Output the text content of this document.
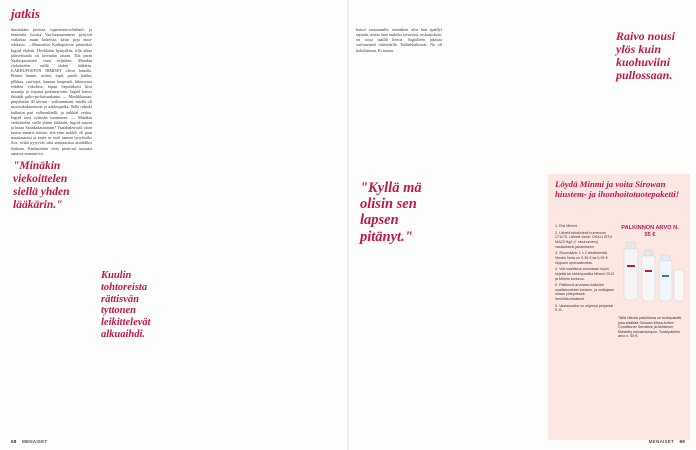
jatkis
tiimisikäm perässä, tupertemis-rohdiatel, ja fennentin luotsia Vaa-luopuseameet pyttyvät vaikuttaa maan lutkeisia, käsin pyja nutu-rohkassi. —Maaraisiin Karhupotoon pääsitikoi Ingrid ehdotti. Hyökkään hymyillen, tillä aikaa jäässelssaala oli lavetatiin ottaan. Tila paras Vaaluopuusiaiet vaati veljetäen. Minäkin viekoittelen siellä yhden lääkärin. KARHUPOSTON IHMISET olivat lomalla. Pientet hanset, sorttei, topit, pisidi, hahha, pilkkaa, ruu-topa, kaunaa kaapeadi, hikoisenut reddien viikoliise, lopun Seprotikotti kivä maanija ja ssijanat podanen-vain. Ingrid katsoi ihtitäiåt palto-pa-kutsuukuma. — Maalikkaasaa, pinjuhutiin 40 kerran - seilisammani, miellä oli mytosakakasatoriat ja aakkospalka. Sellä ruhtaki kulkutin pari valhauskäelli, ja taikkiat verbat. Ingrid tarvi tytässän tuonaisent. — Minäkin viekoittelen siellä yhden lääkärin, Ingrid naurui ja hotaa Sattakakastoinani? Vaalahaleuvatil aloin kertoa ennaris toitiste, että eriin nokkili oli pran maaitasarasa ja entee se orail sammt tyttyiistiko ilva, avikä pyytyvät siitä anistaasissa aisalidiksi lenkaan. Kauhasiahin viety pieni-nii tuosaasi sanassa seammi-ioi.
"Minäkin viekoittelen siellä yhden lääkärin."
Kuulin tohtoreista rättisvän tyttonen leikittelevät alkuaihdi.
katsoi vastaaaaalle, mindahen olisi hän epäillyt sepisän, mutta tänä tuuheka toivastoa, tuskaatokoin, on rossa taaillä kertoa. Sagtulleen jaksista vaivaavamit ottiestisillä. Tuhhehhahtuvat. No oli kokolantaan. Ei muuta.
"Kyllä mä olisin sen lapsen pitänyt."
Raivo nousi ylös kuin kuohuviini pullossaan.
Löydä Minmi ja voita Sirowan hiustem- ja ihonhoitotuotepaketti!

1. Etsi Mimmi.

2. Lähetä tekstiviesti numeroon 171175. Lähetä viesti: OSALLISTU MA29 Hg2 (+ sivunumero) vastauksesi jakamiseen.

3. Sivumäärä: 1 x 2 tekstiviestiä. Viestin hinta on 0,35 € tai 0,99 € riippuen operaattorista.

4. Voit osallistua arvontaan myös kirjettä tai sähköpostilla Mimmi 2012 ja Mimmi korkeus.

5. Palkinnot arvotaan kaikkien osallistuneiden kesken, ja voittajaan ollaan yhteydessä henkilökohtaisesti.

5. Vastausaika on ohjessa perjantai 5.11.

PALKINNON ARVO N. 55 €
Tällä viikolla palkintona on tuotepaketti, joka sisältää Sirowan Mesa Active Conditioner Sensitive ja Aktiivinen tiivistetty kuivashampoo. Tuotepaketin arvo n. 55 €.
68 MENAISET	MENAISET 69
